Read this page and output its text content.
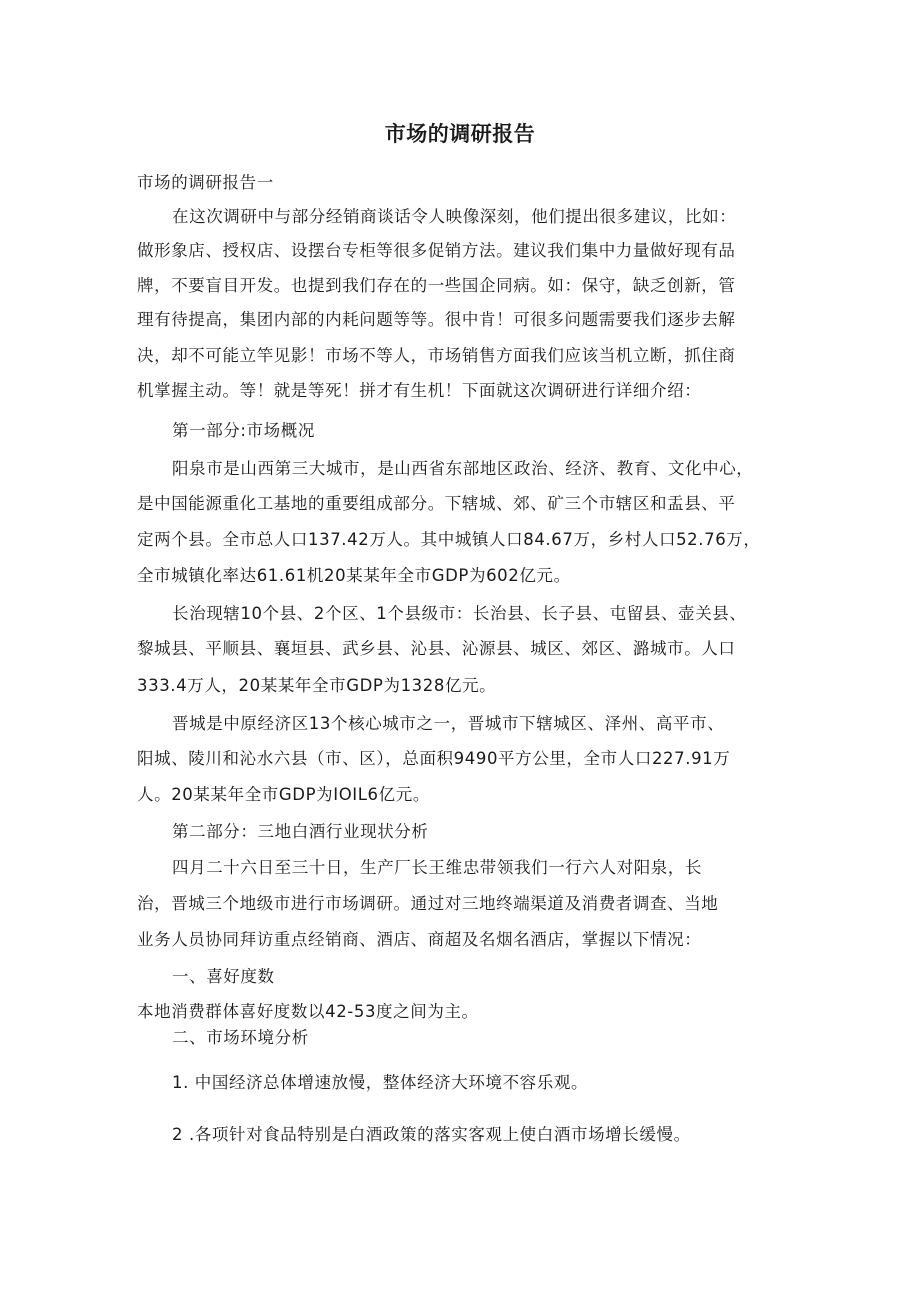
市场的调研报告
市场的调研报告一
在这次调研中与部分经销商谈话令人映像深刻，他们提出很多建议，比如：
做形象店、授权店、设摆台专柜等很多促销方法。建议我们集中力量做好现有品
牌，不要盲目开发。也提到我们存在的一些国企同病。如：保守，缺乏创新，管
理有待提高，集团内部的内耗问题等等。很中肯！可很多问题需要我们逐步去解
决，却不可能立竿见影！市场不等人，市场销售方面我们应该当机立断，抓住商
机掌握主动。等！就是等死！拼才有生机！下面就这次调研进行详细介绍：
第一部分:市场概况
阳泉市是山西第三大城市，是山西省东部地区政治、经济、教育、文化中心，
是中国能源重化工基地的重要组成部分。下辖城、郊、矿三个市辖区和盂县、平
定两个县。全市总人口137.42万人。其中城镇人口84.67万，乡村人口52.76万，
全市城镇化率达61.61机20某某年全市GDP为602亿元。
长治现辖10个县、2个区、1个县级市：长治县、长子县、屯留县、壶关县、
黎城县、平顺县、襄垣县、武乡县、沁县、沁源县、城区、郊区、潞城市。人口
333.4万人，20某某年全市GDP为1328亿元。
晋城是中原经济区13个核心城市之一，晋城市下辖城区、泽州、高平市、
阳城、陵川和沁水六县（市、区），总面积9490平方公里，全市人口227.91万
人。20某某年全市GDP为IOIL6亿元。
第二部分：三地白酒行业现状分析
四月二十六日至三十日，生产厂长王维忠带领我们一行六人对阳泉，长
治，晋城三个地级市进行市场调研。通过对三地终端渠道及消费者调查、当地
业务人员协同拜访重点经销商、酒店、商超及名烟名酒店，掌握以下情况：
一、喜好度数
本地消费群体喜好度数以42-53度之间为主。
二、市场环境分析
1. 中国经济总体增速放慢，整体经济大环境不容乐观。
2 .各项针对食品特别是白酒政策的落实客观上使白酒市场增长缓慢。
